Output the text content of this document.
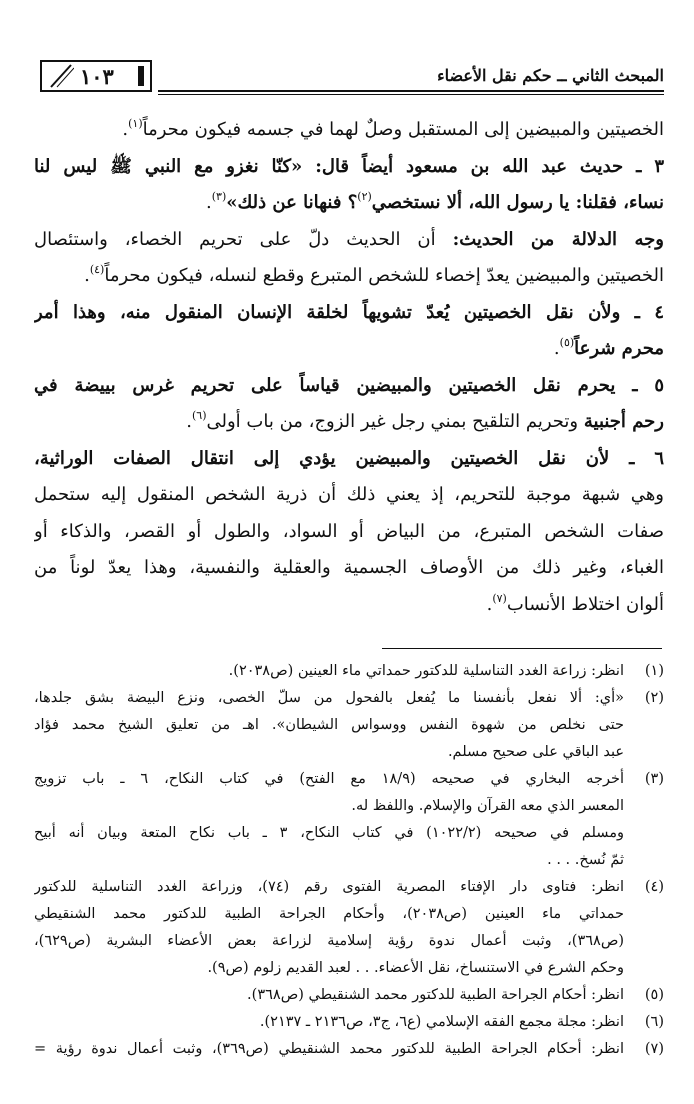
المبحث الثاني ــ حكم نقل الأعضاء
١٠٣
الخصيتين والمبيضين إلى المستقبل وصلٌ لهما في جسمه فيكون محرماً$^{(١)}$.
٣ ـ حديث عبد الله بن مسعود أيضاً قال: «كنّا نغزو مع النبي ﷺ ليس لنا
نساء، فقلنا: يا رسول الله، ألا نستخصي$^{(٢)}$؟ فنهانا عن ذلك»$^{(٣)}$.
وجه الدلالة من الحديث: أن الحديث دلّ على تحريم الخصاء، واستئصال
الخصيتين والمبيضين يعدّ إخصاء للشخص المتبرع وقطع لنسله، فيكون محرماً$^{(٤)}$.
٤ ـ ولأن نقل الخصيتين يُعدّ تشويهاً لخلقة الإنسان المنقول منه، وهذا أمر
محرم شرعاً$^{(٥)}$.
٥ ـ يحرم نقل الخصيتين والمبيضين قياساً على تحريم غرس بييضة في
رحم أجنبية وتحريم التلقيح بمني رجل غير الزوج، من باب أولى$^{(٦)}$.
٦ ـ لأن نقل الخصيتين والمبيضين يؤدي إلى انتقال الصفات الوراثية،
وهي شبهة موجبة للتحريم، إذ يعني ذلك أن ذرية الشخص المنقول إليه ستحمل
صفات الشخص المتبرع، من البياض أو السواد، والطول أو القصر، والذكاء أو
الغباء، وغير ذلك من الأوصاف الجسمية والعقلية والنفسية، وهذا يعدّ لوناً من
ألوان اختلاط الأنساب$^{(٧)}$.
(١)
انظر: زراعة الغدد التناسلية للدكتور حمداتي ماء العينين (ص٢٠٣٨).
(٢)
«أي: ألا نفعل بأنفسنا ما يُفعل بالفحول من سلّ الخصى، ونزع البيضة بشق جلدها،
حتى نخلص من شهوة النفس ووسواس الشيطان». اهـ من تعليق الشيخ محمد فؤاد
عبد الباقي على صحيح مسلم.
(٣)
أخرجه البخاري في صحيحه (١٨/٩ مع الفتح) في كتاب النكاح، ٦ ـ باب تزويج
المعسر الذي معه القرآن والإسلام. واللفظ له.
ومسلم في صحيحه (١٠٢٢/٢) في كتاب النكاح، ٣ ـ باب نكاح المتعة وبيان أنه أبيح
ثمّ نُسخ. . . .
(٤)
انظر: فتاوى دار الإفتاء المصرية الفتوى رقم (٧٤)، وزراعة الغدد التناسلية للدكتور
حمداتي ماء العينين (ص٢٠٣٨)، وأحكام الجراحة الطبية للدكتور محمد الشنقيطي
(ص٣٦٨)، وثبت أعمال ندوة رؤية إسلامية لزراعة بعض الأعضاء البشرية (ص٦٢٩)،
وحكم الشرع في الاستنساخ، نقل الأعضاء. . . لعبد القديم زلوم (ص٩).
(٥)
انظر: أحكام الجراحة الطبية للدكتور محمد الشنقيطي (ص٣٦٨).
(٦)
انظر: مجلة مجمع الفقه الإسلامي (ع٦، ج٣، ص٢١٣٦ ـ ٢١٣٧).
(٧)
انظر: أحكام الجراحة الطبية للدكتور محمد الشنقيطي (ص٣٦٩)، وثبت أعمال ندوة رؤية =
